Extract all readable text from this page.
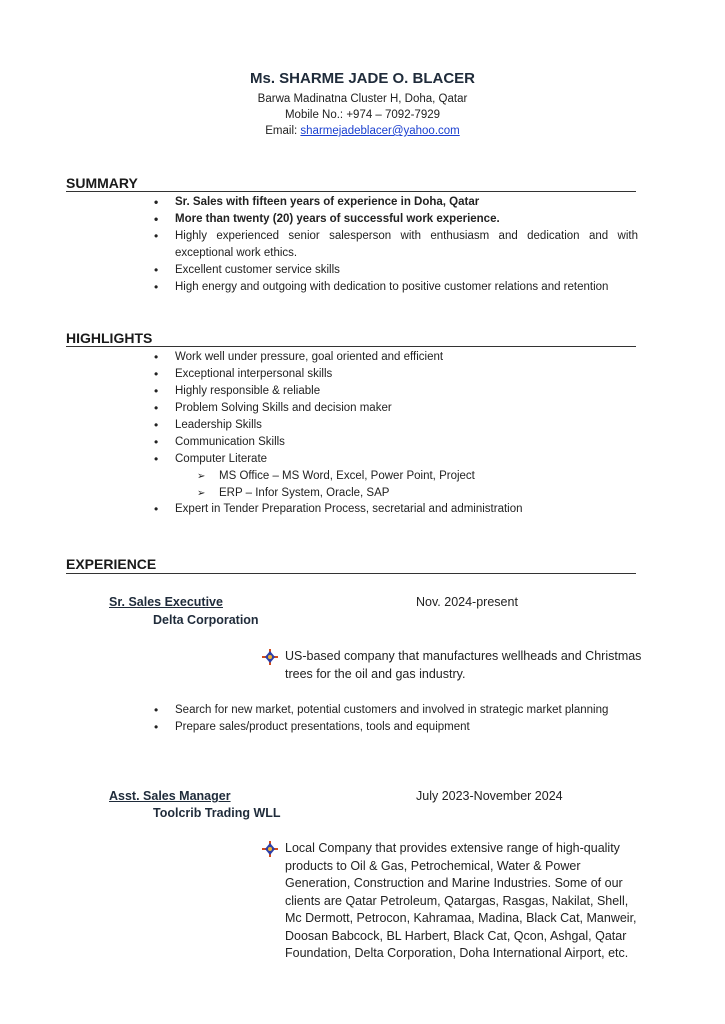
Ms. SHARME JADE O. BLACER
Barwa Madinatna Cluster H, Doha, Qatar
Mobile No.: +974 – 7092-7929
Email: sharmejadeblacer@yahoo.com
SUMMARY
• Sr. Sales with fifteen years of experience in Doha, Qatar
• More than twenty (20) years of successful work experience.
• Highly experienced senior salesperson with enthusiasm and dedication and with exceptional work ethics.
• Excellent customer service skills
• High energy and outgoing with dedication to positive customer relations and retention
HIGHLIGHTS
• Work well under pressure, goal oriented and efficient
• Exceptional interpersonal skills
• Highly responsible & reliable
• Problem Solving Skills and decision maker
• Leadership Skills
• Communication Skills
• Computer Literate
➢ MS Office – MS Word, Excel, Power Point, Project
➢ ERP – Infor System, Oracle, SAP
• Expert in Tender Preparation Process, secretarial and administration
EXPERIENCE
Sr. Sales Executive	Nov. 2024-present
Delta Corporation
US-based company that manufactures wellheads and Christmas trees for the oil and gas industry.
• Search for new market, potential customers and involved in strategic market planning
• Prepare sales/product presentations, tools and equipment
Asst. Sales Manager	July 2023-November 2024
Toolcrib Trading WLL
Local Company that provides extensive range of high-quality products to Oil & Gas, Petrochemical, Water & Power Generation, Construction and Marine Industries. Some of our clients are Qatar Petroleum, Qatargas, Rasgas, Nakilat, Shell, Mc Dermott, Petrocon, Kahramaa, Madina, Black Cat, Manweir, Doosan Babcock, BL Harbert, Black Cat, Qcon, Ashgal, Qatar Foundation, Delta Corporation, Doha International Airport, etc.
